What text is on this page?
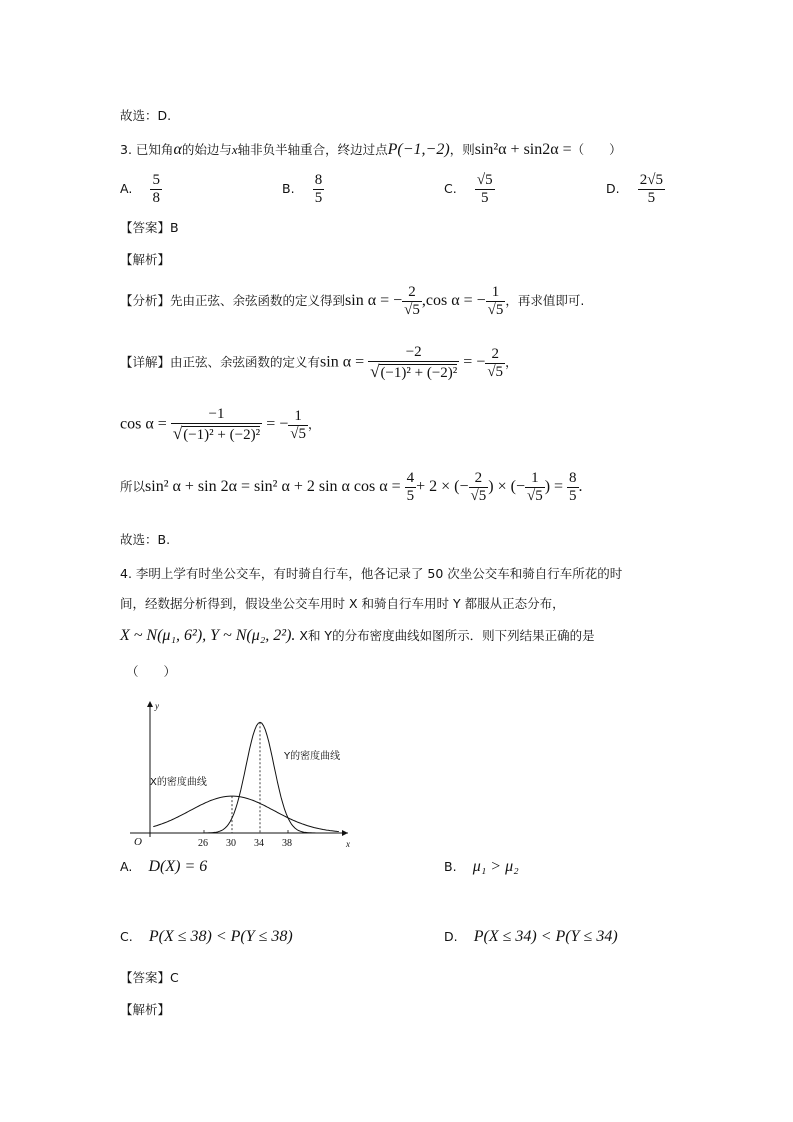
故选：D.
3. 已知角α的始边与x轴非负半轴重合，终边过点P(−1,−2)，则sin²α + sin2α =（　　）
A. $\frac{5}{8}$	B. $\frac{8}{5}$	C. $\frac{√5}{5}$	D. $\frac{2√5}{5}$
【答案】B
【解析】
【分析】先由正弦、余弦函数的定义得到sin α = − $\frac{2}{√5} ,\cos$ α = − $\frac{1}{√5}$ ，再求值即可.
【详解】由正弦、余弦函数的定义有$\sin \alpha = \frac{-2}{\text{√(−1)² + (−2)²}}$ = − $\frac{2}{√5}$ ，
$\cos \alpha = \frac{-1}{\text{√(−1)² + (−2)²}}$ = − $\frac{1}{√5}$ ，
所以sin² α + sin 2α = sin² α + 2 sin α $\cos \alpha = \frac{4}{5} + 2$ × (− $\frac{2}{√5}$ ) × (− $\frac{1}{√5}$ ) = $\frac{8}{5}$ .
故选：B.
4. 李明上学有时坐公交车，有时骑自行车，他各记录了 50 次坐公交车和骑自行车所花的时
间，经数据分析得到，假设坐公交车用时 X 和骑自行车用时 Y 都服从正态分布，
X ~ N(μ₁, 6²), Y ~ N(μ₂, 2²). X和 Y的分布密度曲线如图所示．则下列结果正确的是
（　　）
y
x
O	26 30 34 38
X的密度曲线
Y的密度曲线
A. D(X) = 6	B. μ₁ > μ₂
C. P(X ≤ 38) < P(Y ≤ 38)	D. P(X ≤ 34) < P(Y ≤ 34)
【答案】C
【解析】
